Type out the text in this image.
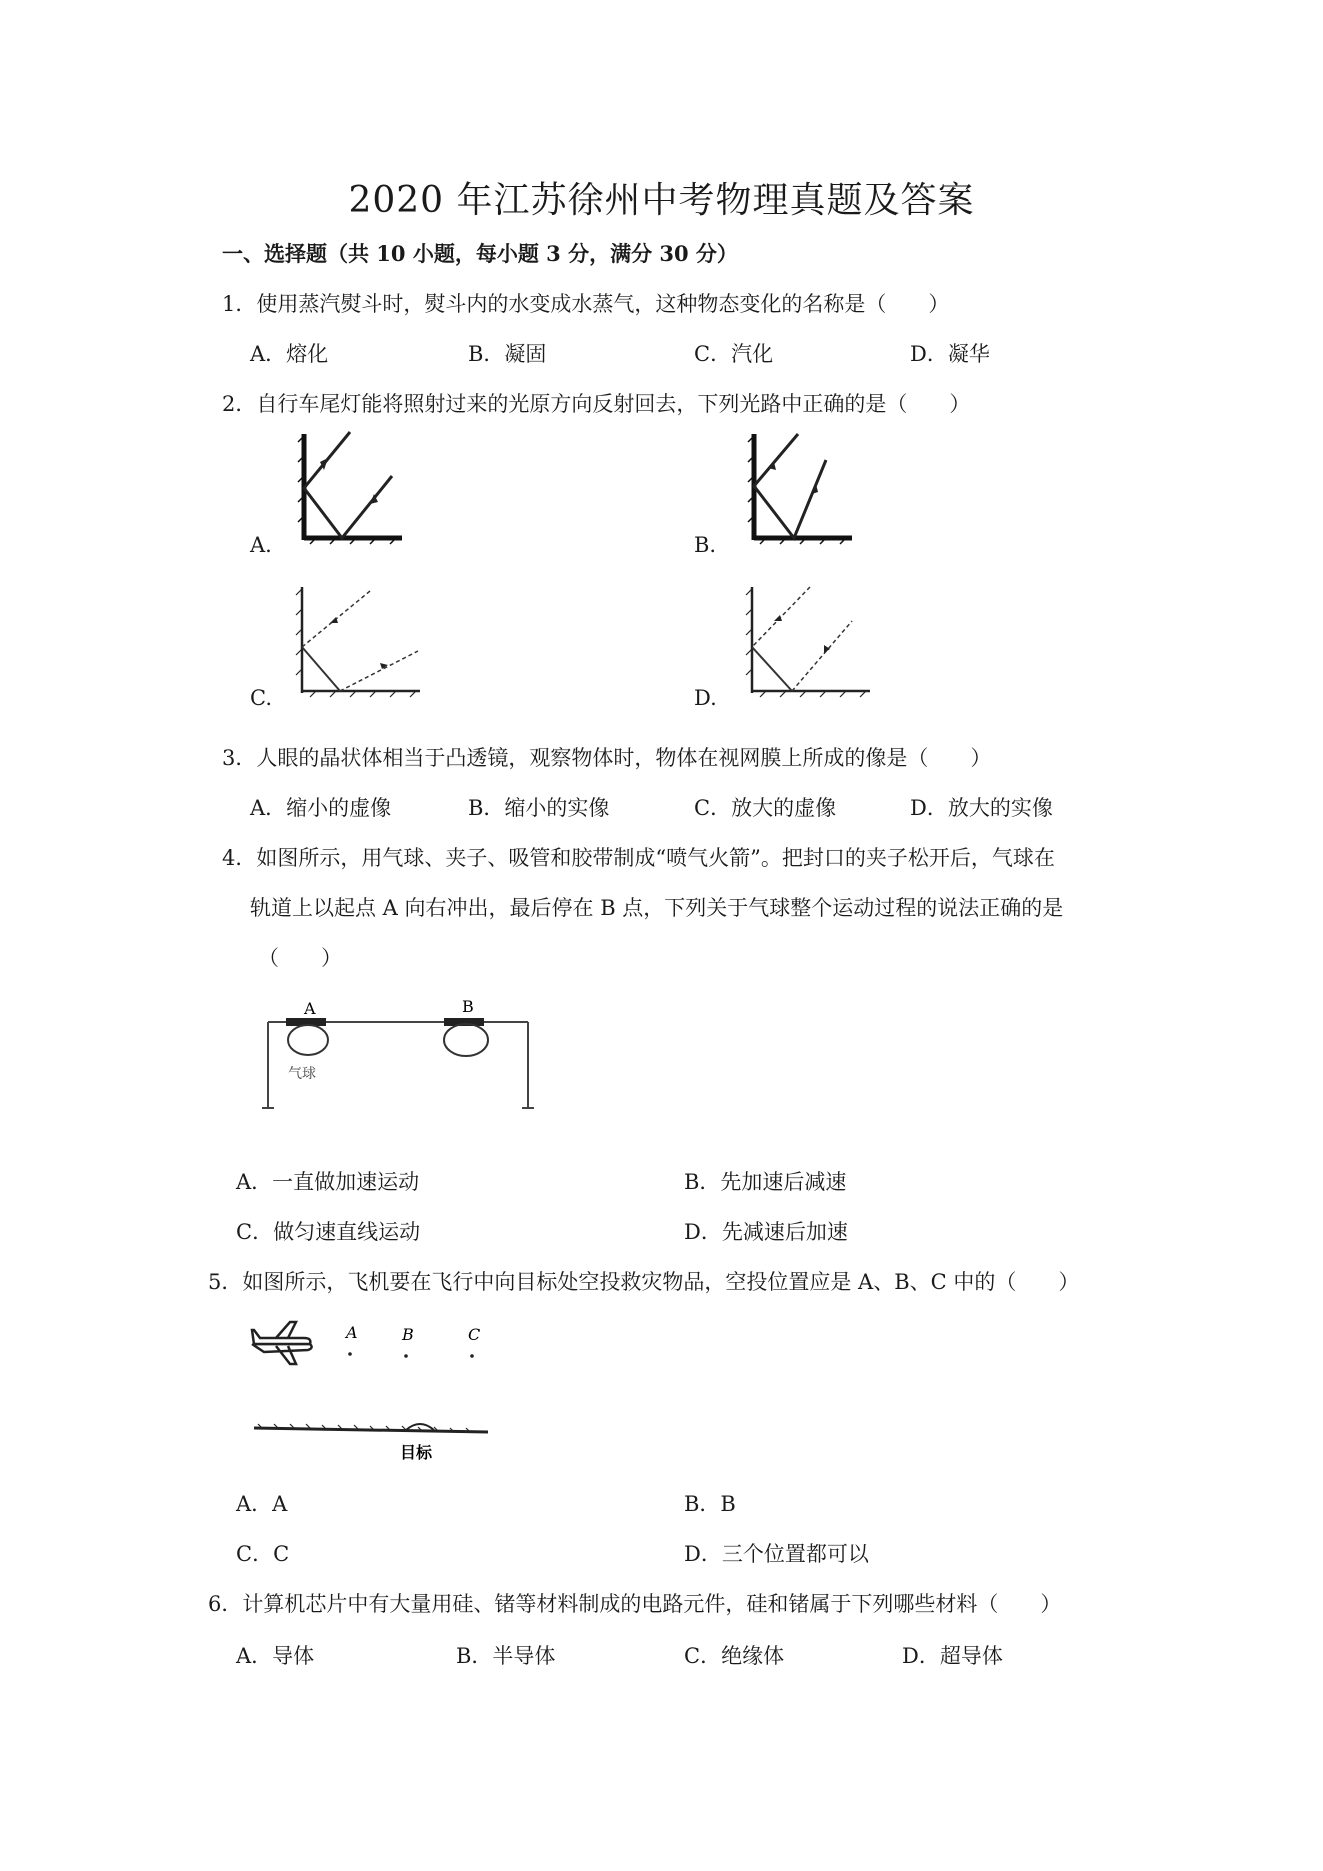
2020 年江苏徐州中考物理真题及答案
一、选择题（共 10 小题，每小题 3 分，满分 30 分）
1．使用蒸汽熨斗时，熨斗内的水变成水蒸气，这种物态变化的名称是（　　）
A．熔化	B．凝固	C．汽化	D．凝华
2．自行车尾灯能将照射过来的光原方向反射回去，下列光路中正确的是（　　）
A.	B.
C.	D.
3．人眼的晶状体相当于凸透镜，观察物体时，物体在视网膜上所成的像是（　　）
A．缩小的虚像	B．缩小的实像	C．放大的虚像	D．放大的实像
4．如图所示，用气球、夹子、吸管和胶带制成“喷气火箭”。把封口的夹子松开后，气球在
轨道上以起点 A 向右冲出，最后停在 B 点，下列关于气球整个运动过程的说法正确的是
（　　）
A	B
气球
A．一直做加速运动	B．先加速后减速
C．做匀速直线运动	D．先减速后加速
5．如图所示，飞机要在飞行中向目标处空投救灾物品，空投位置应是 A、B、C 中的（　　）
A	B	C
目标
A．A	B．B
C．C	D．三个位置都可以
6．计算机芯片中有大量用硅、锗等材料制成的电路元件，硅和锗属于下列哪些材料（　　）
A．导体	B．半导体	C．绝缘体	D．超导体
